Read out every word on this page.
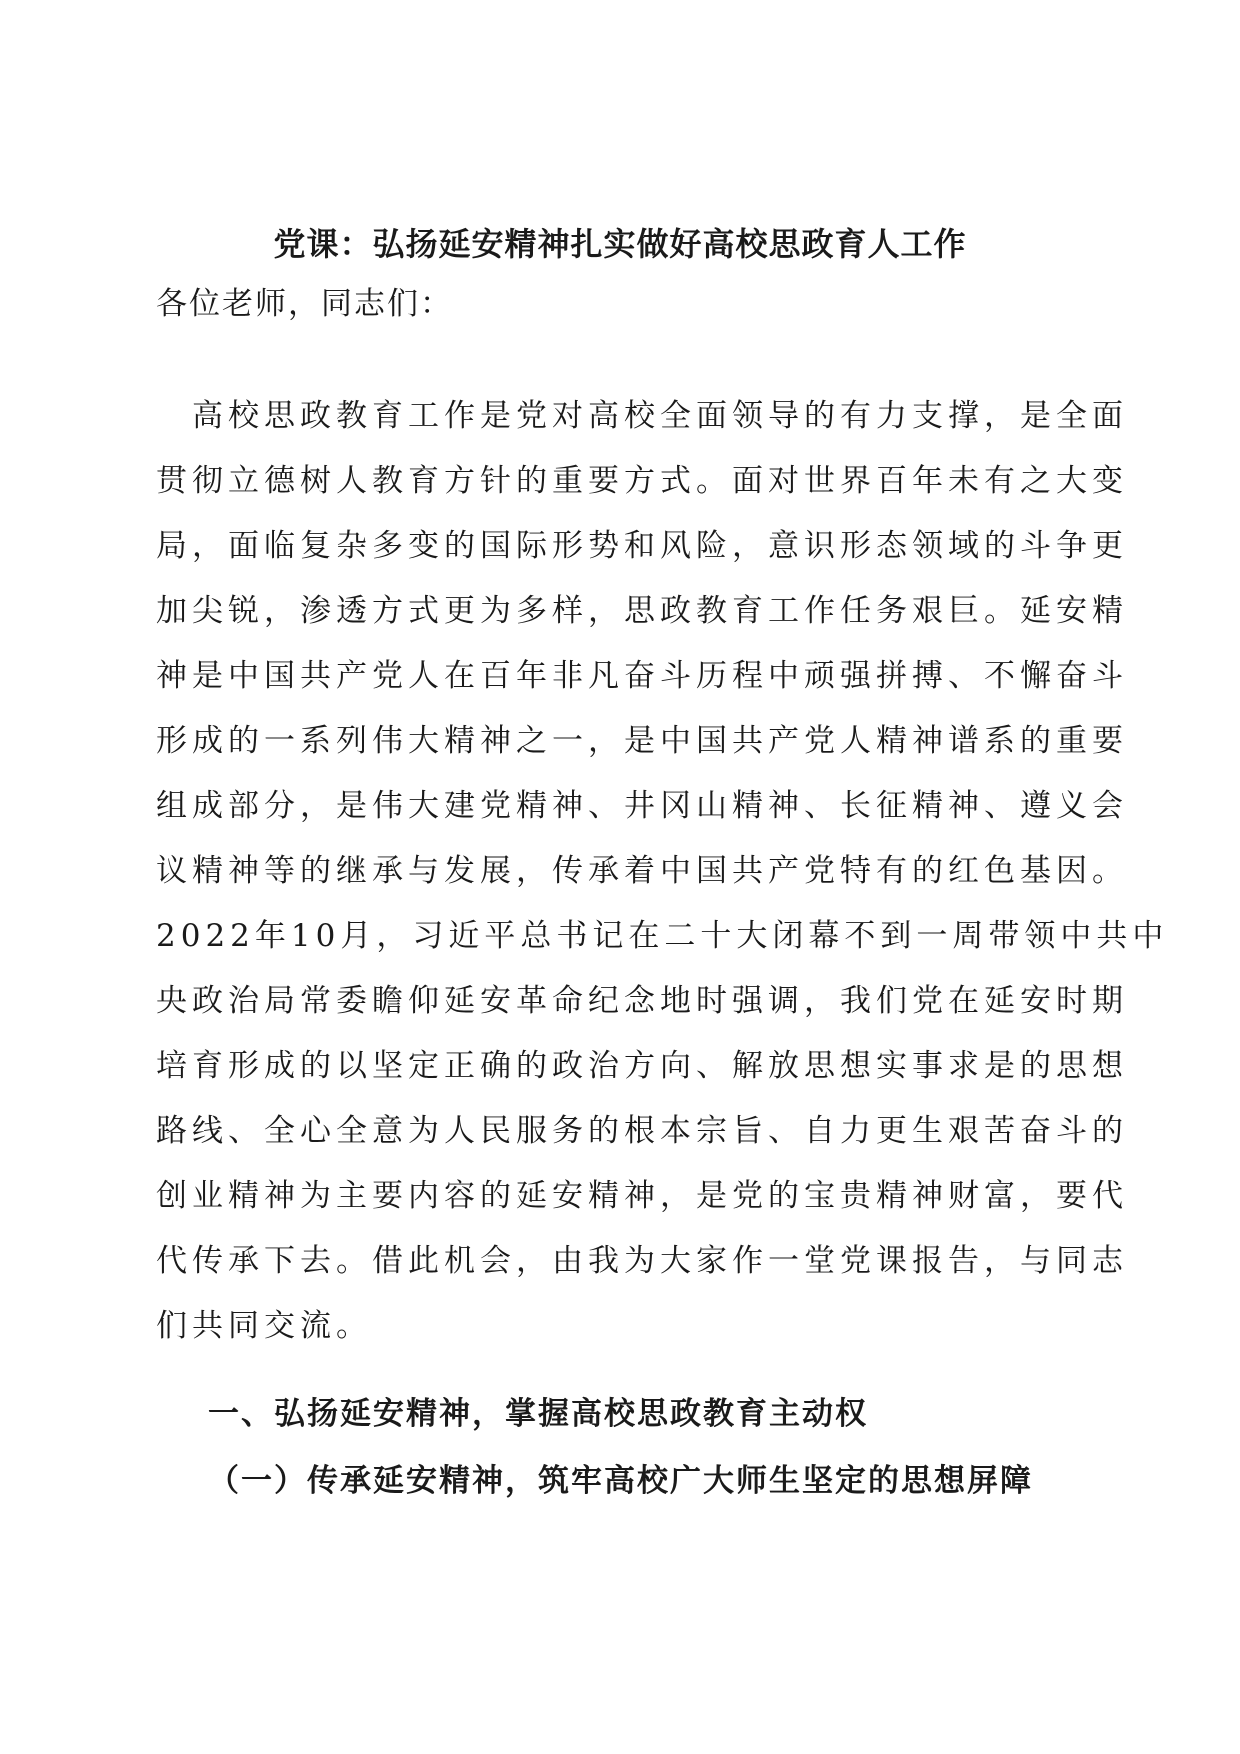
党课：弘扬延安精神扎实做好高校思政育人工作

各位老师，同志们：

　高校思政教育工作是党对高校全面领导的有力支撑，是全面
贯彻立德树人教育方针的重要方式。面对世界百年未有之大变
局，面临复杂多变的国际形势和风险，意识形态领域的斗争更
加尖锐，渗透方式更为多样，思政教育工作任务艰巨。延安精
神是中国共产党人在百年非凡奋斗历程中顽强拼搏、不懈奋斗
形成的一系列伟大精神之一，是中国共产党人精神谱系的重要
组成部分，是伟大建党精神、井冈山精神、长征精神、遵义会
议精神等的继承与发展，传承着中国共产党特有的红色基因。
2022年10月，习近平总书记在二十大闭幕不到一周带领中共中
央政治局常委瞻仰延安革命纪念地时强调，我们党在延安时期
培育形成的以坚定正确的政治方向、解放思想实事求是的思想
路线、全心全意为人民服务的根本宗旨、自力更生艰苦奋斗的
创业精神为主要内容的延安精神，是党的宝贵精神财富，要代
代传承下去。借此机会，由我为大家作一堂党课报告，与同志
们共同交流。

一、弘扬延安精神，掌握高校思政教育主动权
（一）传承延安精神，筑牢高校广大师生坚定的思想屏障
